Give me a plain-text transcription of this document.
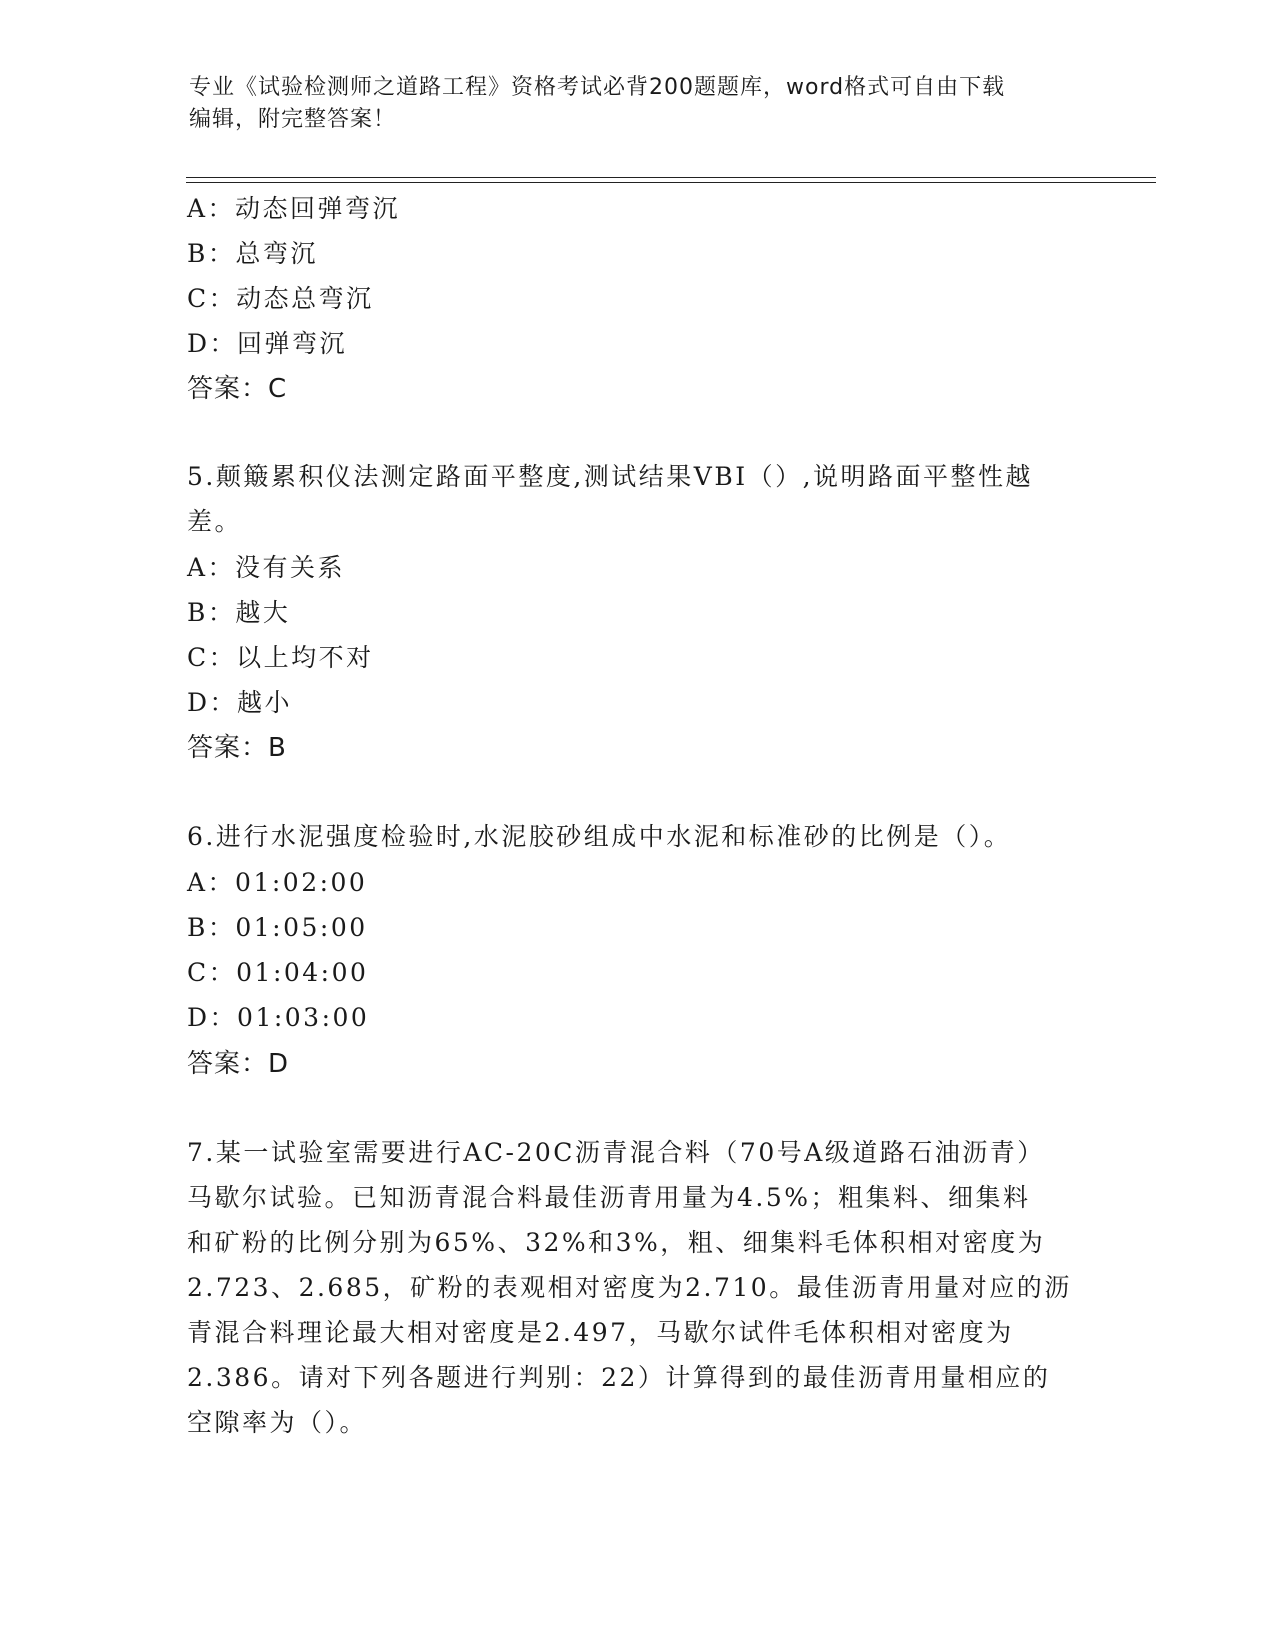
专业《试验检测师之道路工程》资格考试必背200题题库，word格式可自由下载
编辑，附完整答案！
A：动态回弹弯沉
B：总弯沉
C：动态总弯沉
D：回弹弯沉
答案：C
5.颠簸累积仪法测定路面平整度,测试结果VBI（）,说明路面平整性越
差。
A：没有关系
B：越大
C：以上均不对
D：越小
答案：B
6.进行水泥强度检验时,水泥胶砂组成中水泥和标准砂的比例是（）。
A：01:02:00
B：01:05:00
C：01:04:00
D：01:03:00
答案：D
7.某一试验室需要进行AC-20C沥青混合料（70号A级道路石油沥青）
马歇尔试验。已知沥青混合料最佳沥青用量为4.5%；粗集料、细集料
和矿粉的比例分别为65%、32%和3%，粗、细集料毛体积相对密度为
2.723、2.685，矿粉的表观相对密度为2.710。最佳沥青用量对应的沥
青混合料理论最大相对密度是2.497，马歇尔试件毛体积相对密度为
2.386。请对下列各题进行判别：22）计算得到的最佳沥青用量相应的
空隙率为（）。
